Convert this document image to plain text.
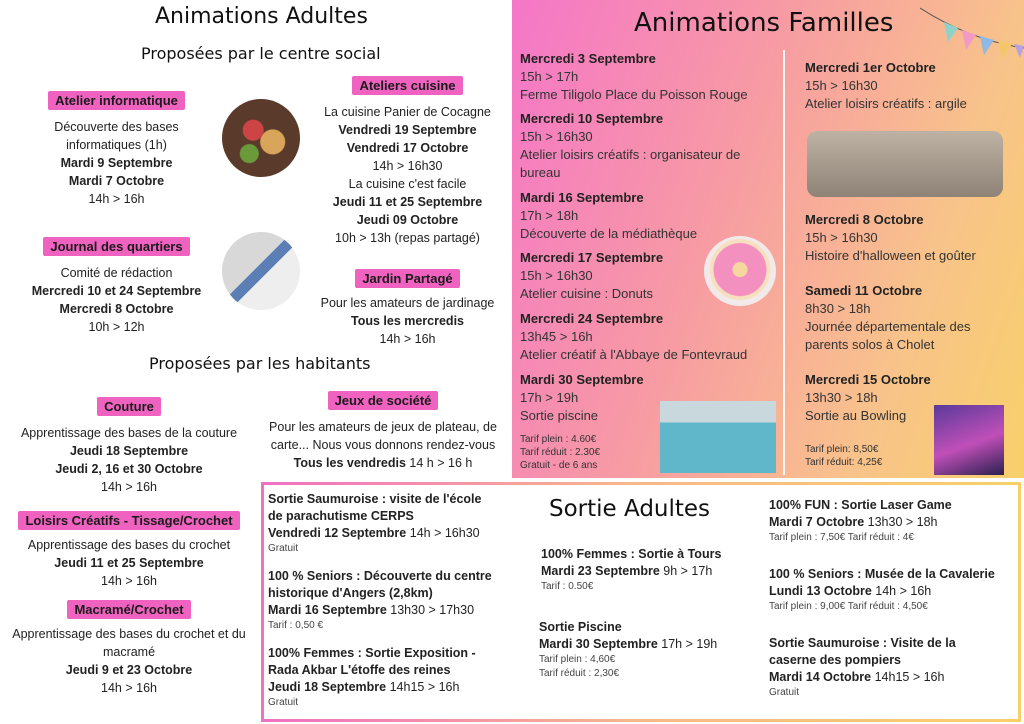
Animations Adultes
Proposées par le centre social
Atelier informatique
Découverte des bases
informatiques (1h)
Mardi 9 Septembre
Mardi 7 Octobre
14h > 16h
Journal des quartiers
Comité de rédaction
Mercredi 10 et 24 Septembre
Mercredi 8 Octobre
10h > 12h
Ateliers cuisine
La cuisine Panier de Cocagne
Vendredi 19 Septembre
Vendredi 17 Octobre
14h > 16h30
La cuisine c'est facile
Jeudi 11 et 25 Septembre
Jeudi 09 Octobre
10h > 13h (repas partagé)
Jardin Partagé
Pour les amateurs de jardinage
Tous les mercredis
14h > 16h
Proposées par les habitants
Couture
Apprentissage des bases de la couture
Jeudi 18 Septembre
Jeudi 2, 16 et 30 Octobre
14h > 16h
Jeux de société
Pour les amateurs de jeux de plateau, de
carte... Nous vous donnons rendez-vous
Tous les vendredis 14 h > 16 h
Loisirs Créatifs - Tissage/Crochet
Apprentissage des bases du crochet
Jeudi 11 et 25 Septembre
14h > 16h
Macramé/Crochet
Apprentissage des bases du crochet et du
macramé
Jeudi 9 et 23 Octobre
14h > 16h
Animations Familles
Mercredi 3 Septembre
15h > 17h
Ferme Tiligolo Place du Poisson Rouge
Mercredi 10 Septembre
15h > 16h30
Atelier loisirs créatifs : organisateur de
bureau
Mardi 16 Septembre
17h > 18h
Découverte de la médiathèque
Mercredi 17 Septembre
15h > 16h30
Atelier cuisine : Donuts
Mercredi 24 Septembre
13h45 > 16h
Atelier créatif à l'Abbaye de Fontevraud
Mardi 30 Septembre
17h > 19h
Sortie piscine
Tarif plein : 4.60€
Tarif réduit : 2.30€
Gratuit - de 6 ans
Mercredi 1er Octobre
15h > 16h30
Atelier loisirs créatifs : argile
Mercredi 8 Octobre
15h > 16h30
Histoire d'halloween et goûter
Samedi 11 Octobre
8h30 > 18h
Journée départementale des
parents solos à Cholet
Mercredi 15 Octobre
13h30 > 18h
Sortie au Bowling
Tarif plein: 8,50€
Tarif réduit: 4,25€
Sortie Adultes
Sortie Saumuroise : visite de l'école
de parachutisme CERPS
Vendredi 12 Septembre 14h > 16h30
Gratuit
100 % Seniors : Découverte du centre
historique d'Angers (2,8km)
Mardi 16 Septembre 13h30 > 17h30
Tarif : 0,50 €
100% Femmes : Sortie Exposition -
Rada Akbar L'étoffe des reines
Jeudi 18 Septembre 14h15 > 16h
Gratuit
100% Femmes : Sortie à Tours
Mardi 23 Septembre 9h > 17h
Tarif : 0.50€
Sortie Piscine
Mardi 30 Septembre 17h > 19h
Tarif plein : 4,60€
Tarif réduit : 2,30€
100% FUN : Sortie Laser Game
Mardi 7 Octobre 13h30 > 18h
Tarif plein : 7,50€ Tarif réduit : 4€
100 % Seniors : Musée de la Cavalerie
Lundi 13 Octobre 14h > 16h
Tarif plein : 9,00€ Tarif réduit : 4,50€
Sortie Saumuroise : Visite de la
caserne des pompiers
Mardi 14 Octobre 14h15 > 16h
Gratuit
